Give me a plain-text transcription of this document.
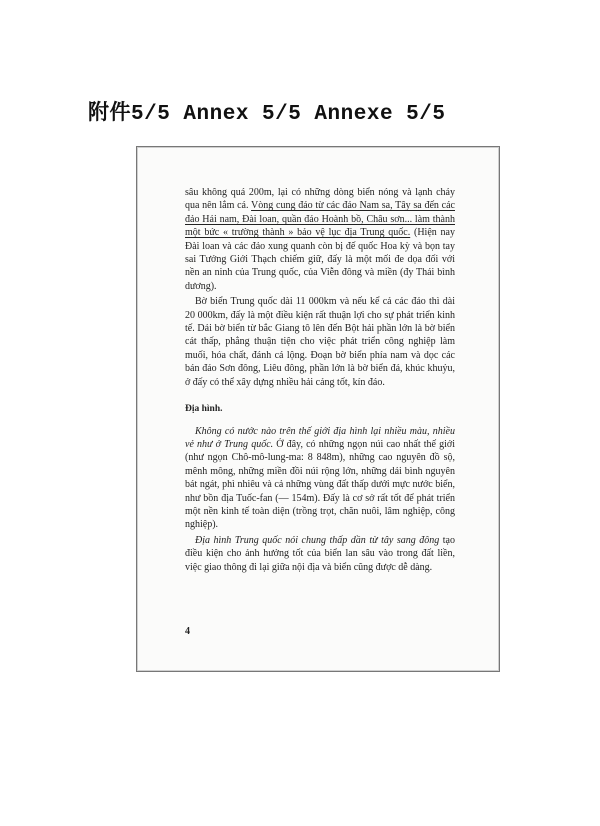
附件5/5 Annex 5/5 Annexe 5/5

sâu không quá 200m, lại có những dòng biển nóng và lạnh chảy qua nên lắm cá. Vòng cung đảo từ các đảo Nam sa, Tây sa đến các đảo Hải nam, Đài loan, quần đảo Hoành bồ, Châu sơn... làm thành một bức « trường thành » bảo vệ lục địa Trung quốc. (Hiện nay Đài loan và các đảo xung quanh còn bị đế quốc Hoa kỳ và bọn tay sai Tưởng Giới Thạch chiếm giữ, đấy là một mối đe dọa đối với nền an ninh của Trung quốc, của Viễn đông và miền (đy Thái bình dương).

Bờ biển Trung quốc dài 11 000km và nếu kể cả các đảo thì dài 20 000km, đấy là một điều kiện rất thuận lợi cho sự phát triển kinh tế. Dải bờ biển từ bắc Giang tô lên đến Bột hải phần lớn là bờ biển cát thấp, phẳng thuận tiện cho việc phát triển công nghiệp làm muối, hóa chất, đánh cá lộng. Đoạn bờ biển phía nam và dọc các bán đảo Sơn đông, Liêu đông, phần lớn là bờ biển đá, khúc khuỷu, ở đấy có thể xây dựng nhiều hải cảng tốt, kín đáo.

Địa hình.

Không có nước nào trên thế giới địa hình lại nhiều màu, nhiều vẻ như ở Trung quốc. Ở đây, có những ngọn núi cao nhất thế giới (như ngọn Chô-mô-lung-ma: 8 848m), những cao nguyên đồ sộ, mênh mông, những miền đồi núi rộng lớn, những dải bình nguyên bát ngát, phì nhiêu và cả những vùng đất thấp dưới mực nước biển, như bồn địa Tuốc-fan (— 154m). Đấy là cơ sở rất tốt để phát triển một nền kinh tế toàn diện (trồng trọt, chăn nuôi, lâm nghiệp, công nghiệp).

Địa hình Trung quốc nói chung thấp dần từ tây sang đông tạo điều kiện cho ảnh hưởng tốt của biển lan sâu vào trong đất liền, việc giao thông đi lại giữa nội địa và biển cũng được dễ dàng.

4
